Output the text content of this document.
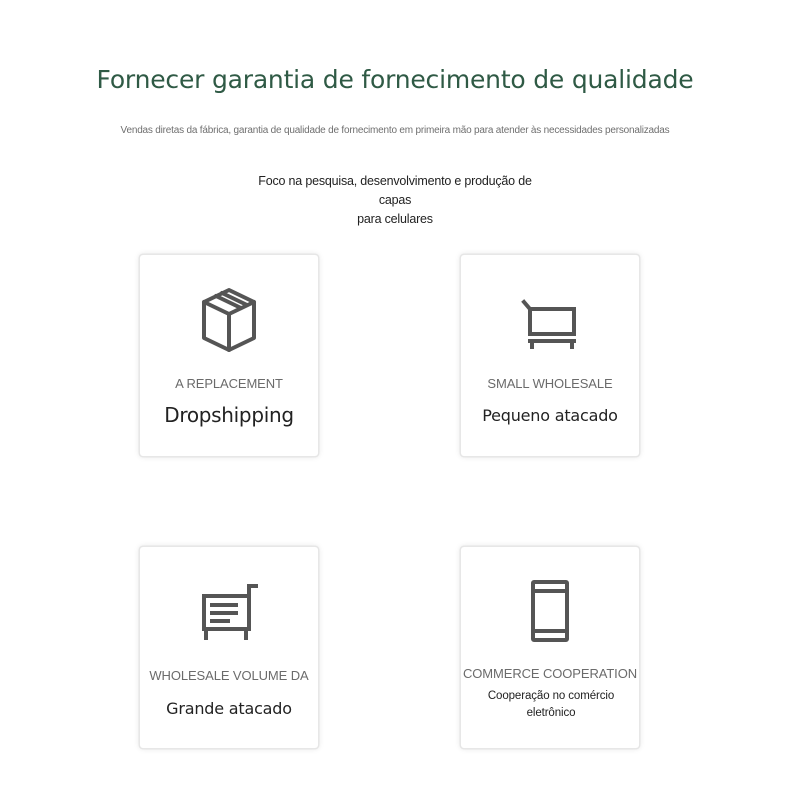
Fornecer garantia de fornecimento de qualidade
Vendas diretas da fábrica, garantia de qualidade de fornecimento em primeira mão para atender às necessidades personalizadas
Foco na pesquisa, desenvolvimento e produção de capas
para celulares
A REPLACEMENT
Dropshipping
SMALL WHOLESALE
Pequeno atacado
WHOLESALE VOLUME DA
Grande atacado
COMMERCE COOPERATION
Cooperação no comércio eletrônico
